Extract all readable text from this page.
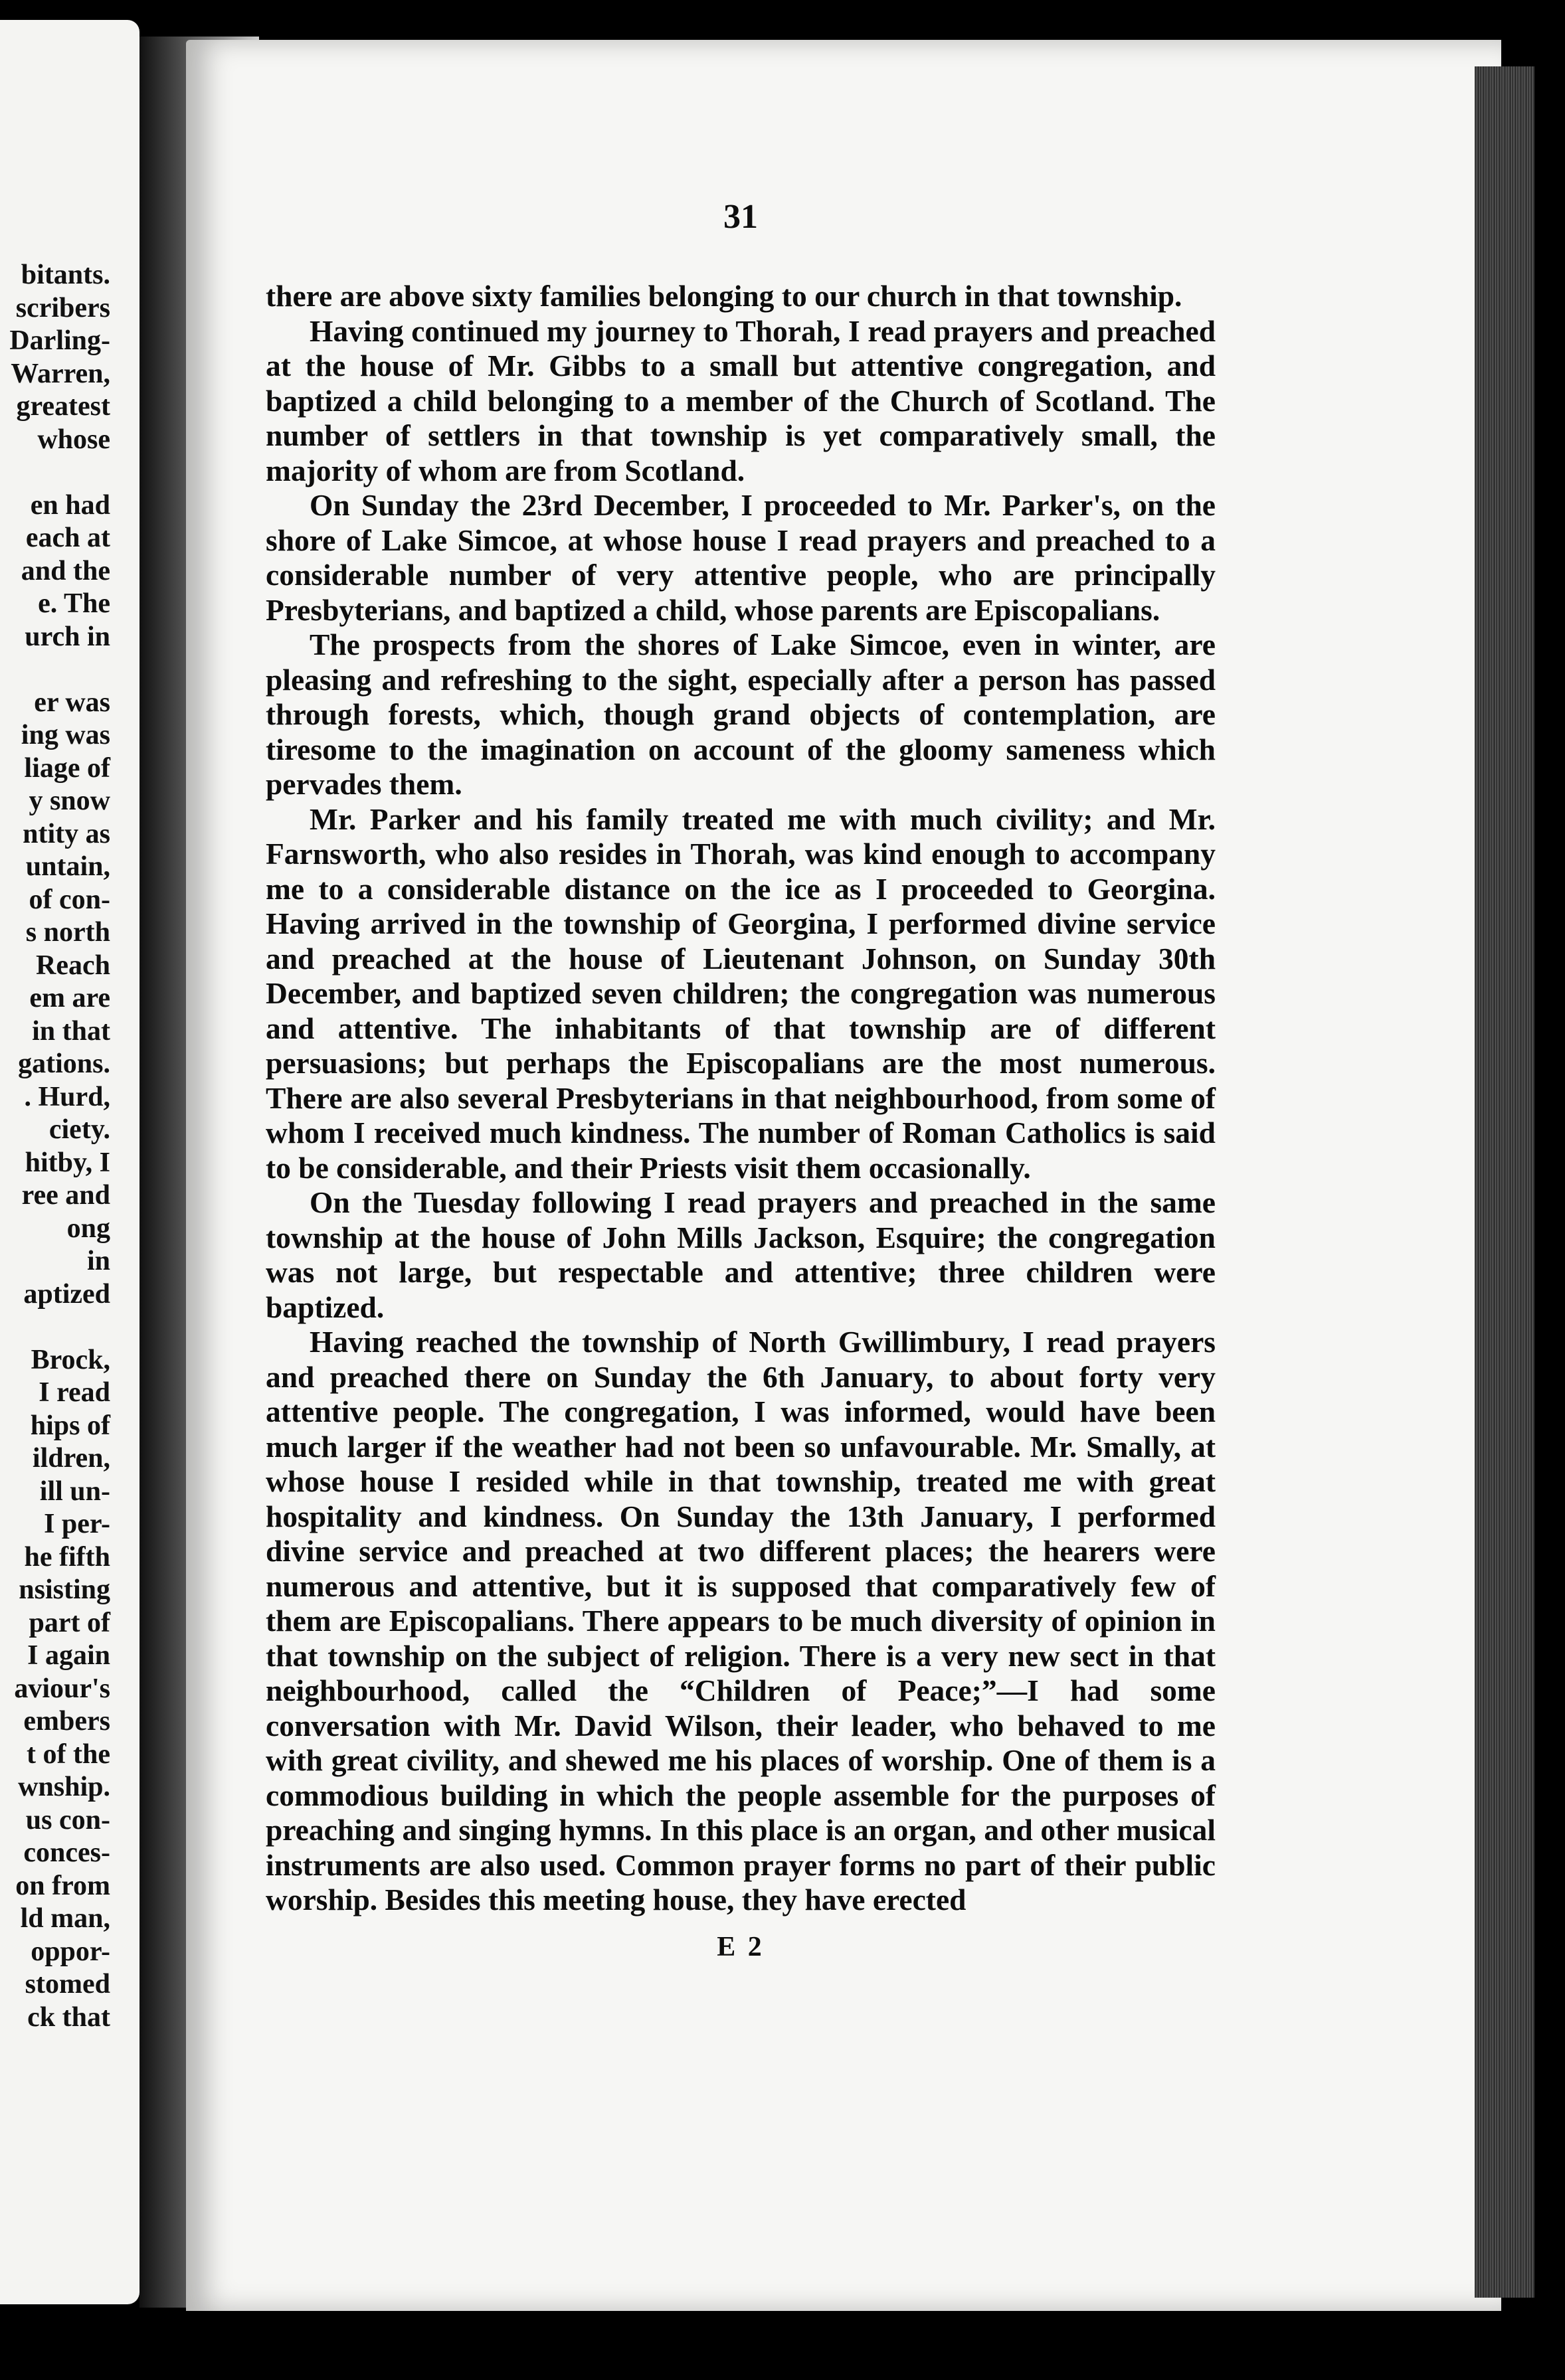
bitants.
scribers
Darling-
Warren,
greatest
whose
en had
each at
and the
e. The
urch in
er was
ing was
liage of
y snow
ntity as
untain,
of con-
s north
Reach
em are
in that
gations.
. Hurd,
ciety.
hitby, I
ree and
ong
in
aptized
Brock,
I read
hips of
ildren,
ill un-
I per-
he fifth
nsisting
part of
I again
aviour's
embers
t of the
wnship.
us con-
conces-
on from
ld man,
oppor-
stomed
ck that
31

there are above sixty families belonging to our church in that township.

Having continued my journey to Thorah, I read prayers and preached at the house of Mr. Gibbs to a small but attentive congregation, and baptized a child belonging to a member of the Church of Scotland. The number of settlers in that township is yet comparatively small, the majority of whom are from Scotland.

On Sunday the 23rd December, I proceeded to Mr. Parker's, on the shore of Lake Simcoe, at whose house I read prayers and preached to a considerable number of very attentive people, who are principally Presbyterians, and baptized a child, whose parents are Episcopalians.

The prospects from the shores of Lake Simcoe, even in winter, are pleasing and refreshing to the sight, especially after a person has passed through forests, which, though grand objects of contemplation, are tiresome to the imagination on account of the gloomy sameness which pervades them.

Mr. Parker and his family treated me with much civility; and Mr. Farnsworth, who also resides in Thorah, was kind enough to accompany me to a considerable distance on the ice as I proceeded to Georgina. Having arrived in the township of Georgina, I performed divine service and preached at the house of Lieutenant Johnson, on Sunday 30th December, and baptized seven children; the congregation was numerous and attentive. The inhabitants of that township are of different persuasions; but perhaps the Episcopalians are the most numerous. There are also several Presbyterians in that neighbourhood, from some of whom I received much kindness. The number of Roman Catholics is said to be considerable, and their Priests visit them occasionally.

On the Tuesday following I read prayers and preached in the same township at the house of John Mills Jackson, Esquire; the congregation was not large, but respectable and attentive; three children were baptized.

Having reached the township of North Gwillimbury, I read prayers and preached there on Sunday the 6th January, to about forty very attentive people. The congregation, I was informed, would have been much larger if the weather had not been so unfavourable. Mr. Smally, at whose house I resided while in that township, treated me with great hospitality and kindness. On Sunday the 13th January, I performed divine service and preached at two different places; the hearers were numerous and attentive, but it is supposed that comparatively few of them are Episcopalians. There appears to be much diversity of opinion in that township on the subject of religion. There is a very new sect in that neighbourhood, called the “Children of Peace;”—I had some conversation with Mr. David Wilson, their leader, who behaved to me with great civility, and shewed me his places of worship. One of them is a commodious building in which the people assemble for the purposes of preaching and singing hymns. In this place is an organ, and other musical instruments are also used. Common prayer forms no part of their public worship. Besides this meeting house, they have erected

E 2
